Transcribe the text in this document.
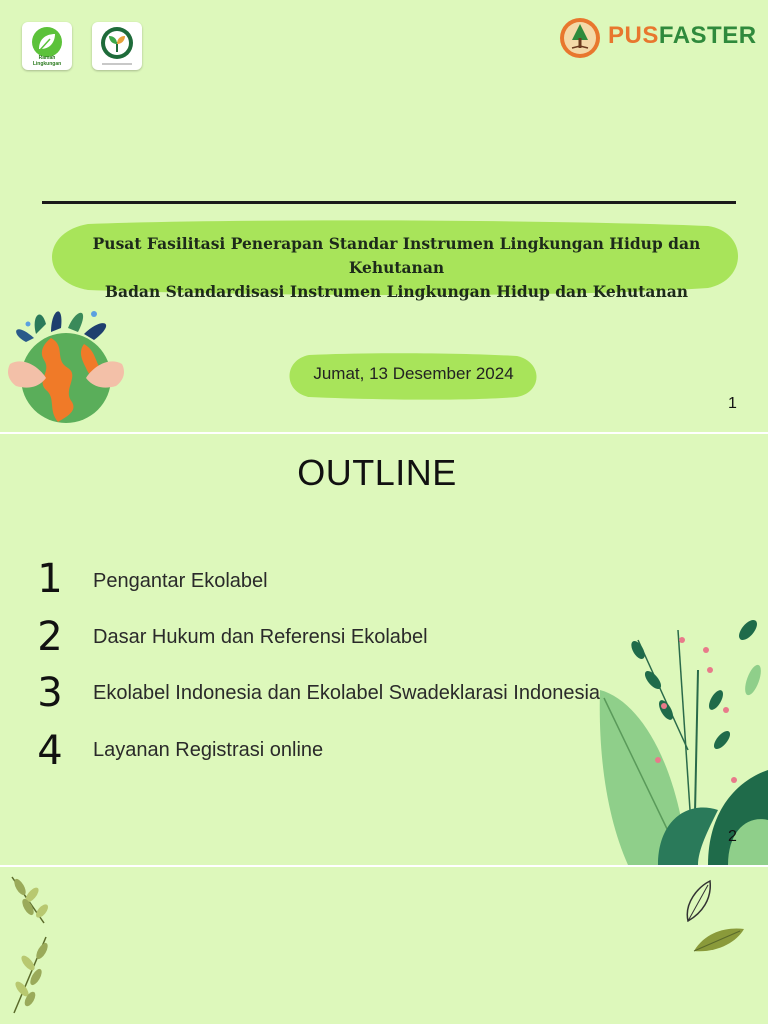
Ramah Lingkungan
PUSFASTER
Pusat Fasilitasi Penerapan Standar Instrumen Lingkungan Hidup dan Kehutanan
Badan Standardisasi Instrumen Lingkungan Hidup dan Kehutanan
Jumat, 13 Desember 2024
1
OUTLINE
1	Pengantar Ekolabel
2	Dasar Hukum dan Referensi Ekolabel
3	Ekolabel Indonesia dan Ekolabel Swadeklarasi Indonesia
4	Layanan Registrasi online
2
